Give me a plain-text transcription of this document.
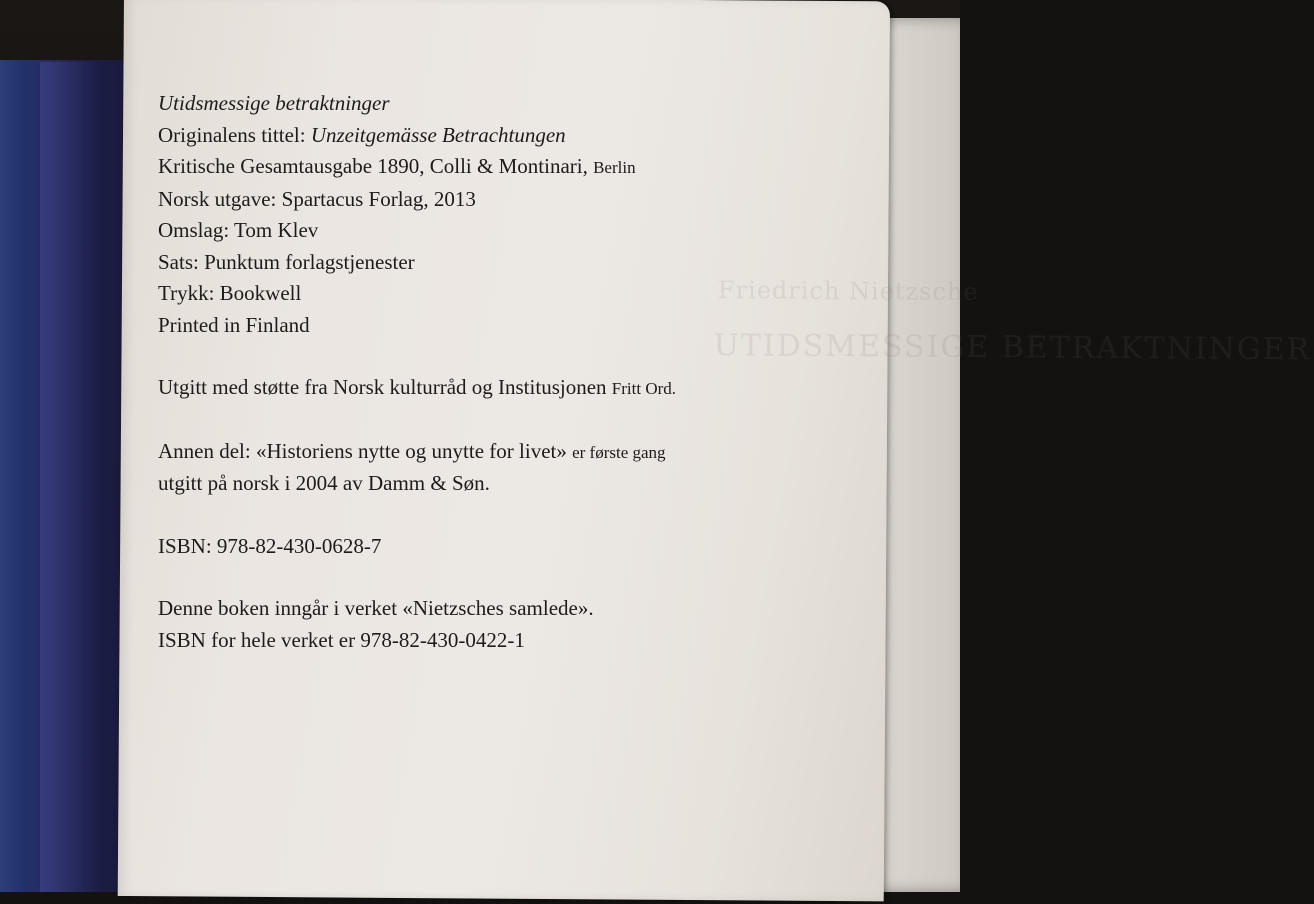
Friedrich Nietzsche
UTIDSMESSIGE BETRAKTNINGER
Utidsmessige betraktninger
Originalens tittel: Unzeitgemässe Betrachtungen
Kritische Gesamtausgabe 1890, Colli & Montinari, Berlin
Norsk utgave: Spartacus Forlag, 2013
Omslag: Tom Klev
Sats: Punktum forlagstjenester
Trykk: Bookwell
Printed in Finland
Utgitt med støtte fra Norsk kulturråd og Institusjonen Fritt Ord.
Annen del: «Historiens nytte og unytte for livet» er første gang
utgitt på norsk i 2004 av Damm & Søn.
ISBN: 978-82-430-0628-7
Denne boken inngår i verket «Nietzsches samlede».
ISBN for hele verket er 978-82-430-0422-1
